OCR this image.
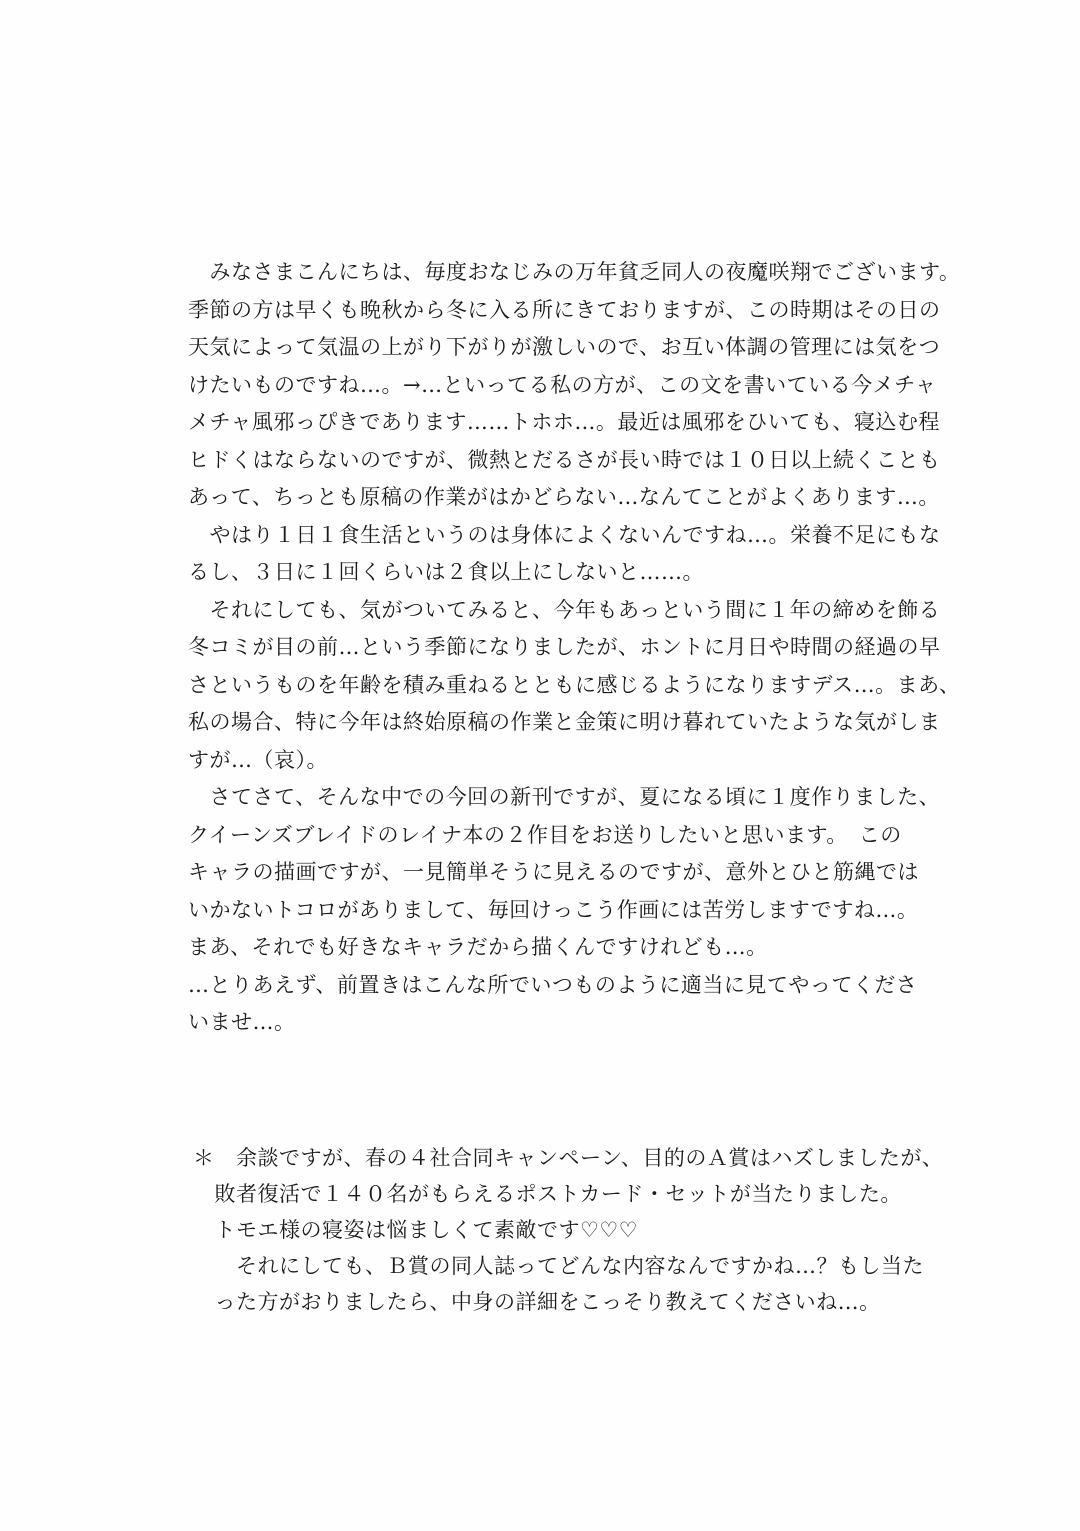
　みなさまこんにちは、毎度おなじみの万年貧乏同人の夜魔咲翔でございます。
季節の方は早くも晩秋から冬に入る所にきておりますが、この時期はその日の
天気によって気温の上がり下がりが激しいので、お互い体調の管理には気をつ
けたいものですね…。→…といってる私の方が、この文を書いている今メチャ
メチャ風邪っぴきであります……トホホ…。最近は風邪をひいても、寝込む程
ヒドくはならないのですが、微熱とだるさが長い時では１０日以上続くことも
あって、ちっとも原稿の作業がはかどらない…なんてことがよくあります…。
　やはり１日１食生活というのは身体によくないんですね…。栄養不足にもな
るし、３日に１回くらいは２食以上にしないと……。
　それにしても、気がついてみると、今年もあっという間に１年の締めを飾る
冬コミが目の前…という季節になりましたが、ホントに月日や時間の経過の早
さというものを年齢を積み重ねるとともに感じるようになりますデス…。まあ、
私の場合、特に今年は終始原稿の作業と金策に明け暮れていたような気がしま
すが…（哀）。
　さてさて、そんな中での今回の新刊ですが、夏になる頃に１度作りました、
クイーンズブレイドのレイナ本の２作目をお送りしたいと思います。　この
キャラの描画ですが、一見簡単そうに見えるのですが、意外とひと筋縄では
いかないトコロがありまして、毎回けっこう作画には苦労しますですね…。
まあ、それでも好きなキャラだから描くんですけれども…。
…とりあえず、前置きはこんな所でいつものように適当に見てやってくださ
いませ…。
＊　余談ですが、春の４社合同キャンペーン、目的のＡ賞はハズしましたが、
　敗者復活で１４０名がもらえるポストカード・セットが当たりました。
　トモエ様の寝姿は悩ましくて素敵です♡♡♡
　　それにしても、Ｂ賞の同人誌ってどんな内容なんですかね…？もし当た
　った方がおりましたら、中身の詳細をこっそり教えてくださいね…。
